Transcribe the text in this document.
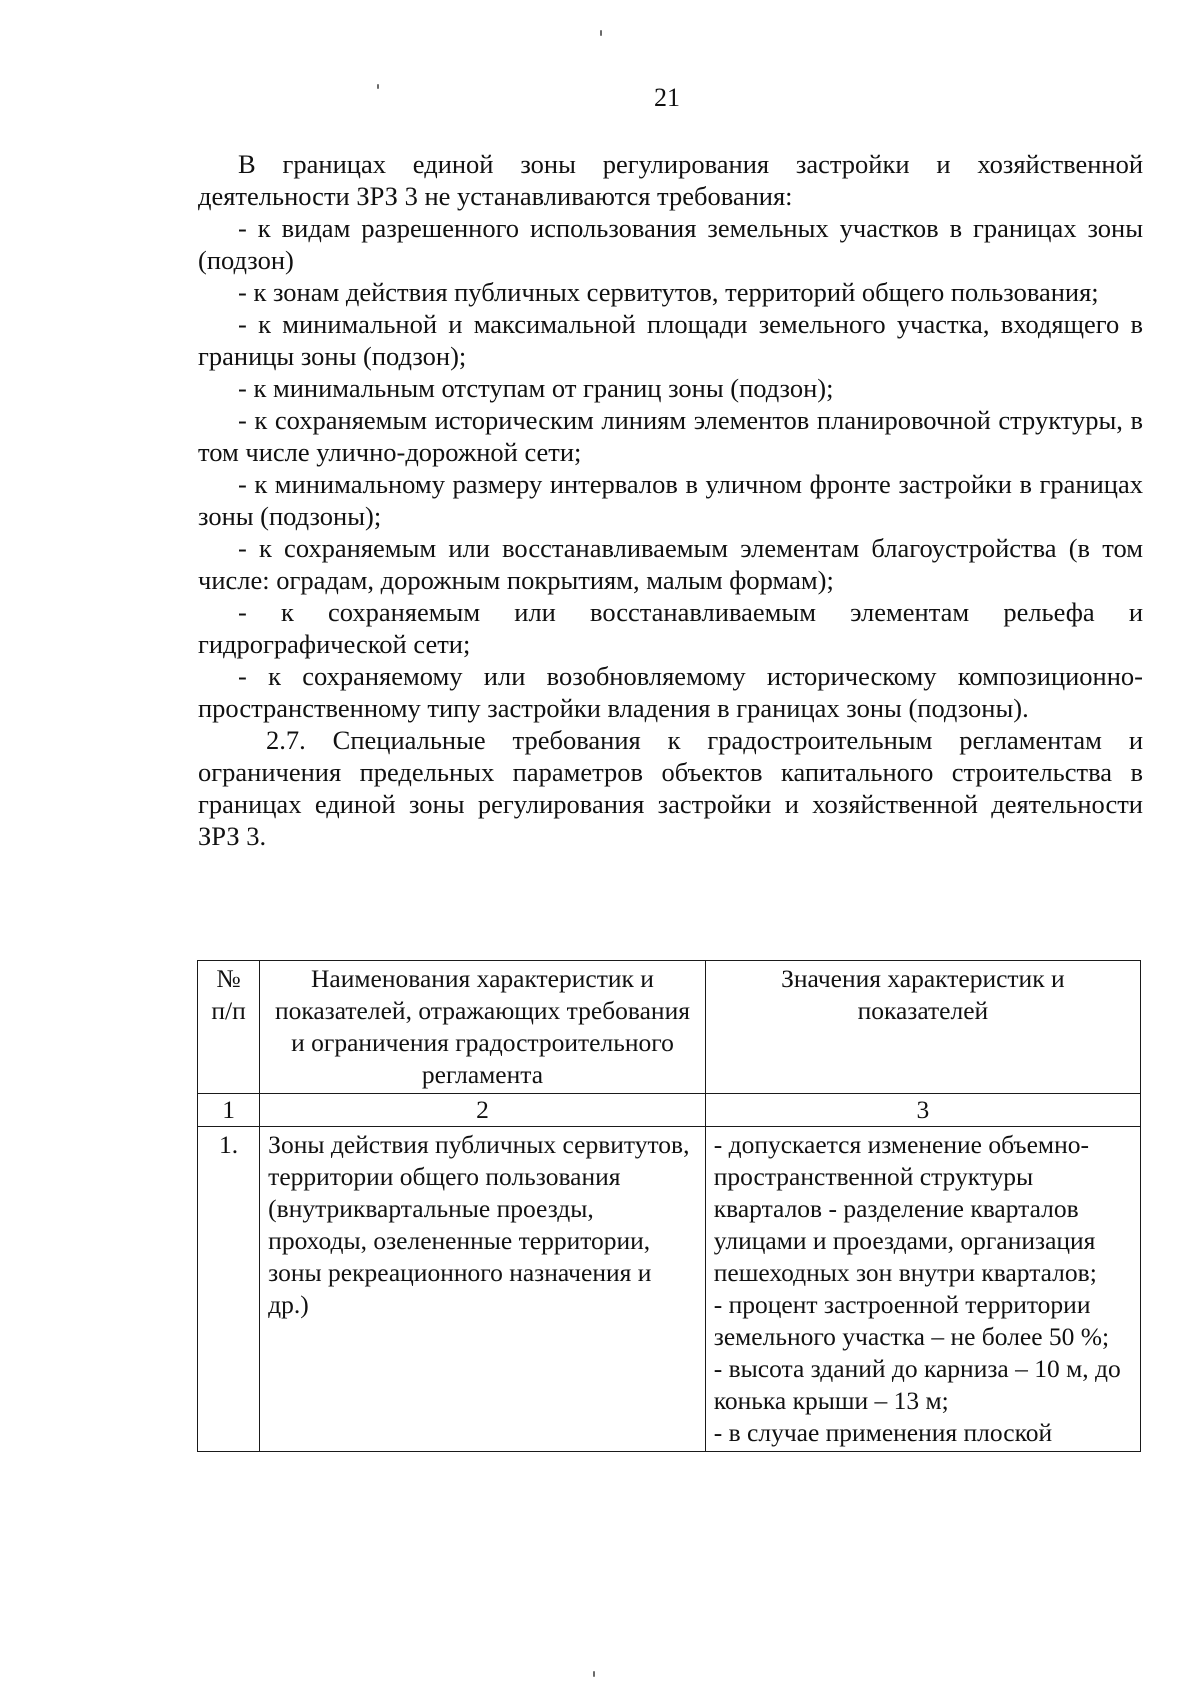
21

В границах единой зоны регулирования застройки и хозяйственной деятельности ЗРЗ 3 не устанавливаются требования:

- к видам разрешенного использования земельных участков в границах зоны (подзон)

- к зонам действия публичных сервитутов, территорий общего пользования;

- к минимальной и максимальной площади земельного участка, входящего в границы зоны (подзон);

- к минимальным отступам от границ зоны (подзон);

- к сохраняемым историческим линиям элементов планировочной структуры, в том числе улично-дорожной сети;

- к минимальному размеру интервалов в уличном фронте застройки в границах зоны (подзоны);

- к сохраняемым или восстанавливаемым элементам благоустройства (в том числе: оградам, дорожным покрытиям, малым формам);

- к сохраняемым или восстанавливаемым элементам рельефа и гидрографической сети;

- к сохраняемому или возобновляемому историческому композиционно-пространственному типу застройки владения в границах зоны (подзоны).

2.7. Специальные требования к градостроительным регламентам и ограничения предельных параметров объектов капитального строительства в границах единой зоны регулирования застройки и хозяйственной деятельности ЗРЗ 3.

№ п/п	Наименования характеристик и показателей, отражающих требования и ограничения градостроительного регламента	Значения характеристик и показателей
1	2	3
1.	Зоны действия публичных сервитутов, территории общего пользования (внутриквартальные проезды, проходы, озелененные территории, зоны рекреационного назначения и др.)	- допускается изменение объемно-пространственной структуры кварталов - разделение кварталов улицами и проездами, организация пешеходных зон внутри кварталов;
- процент застроенной территории земельного участка – не более 50 %;
- высота зданий до карниза – 10 м, до конька крыши – 13 м;
- в случае применения плоской
